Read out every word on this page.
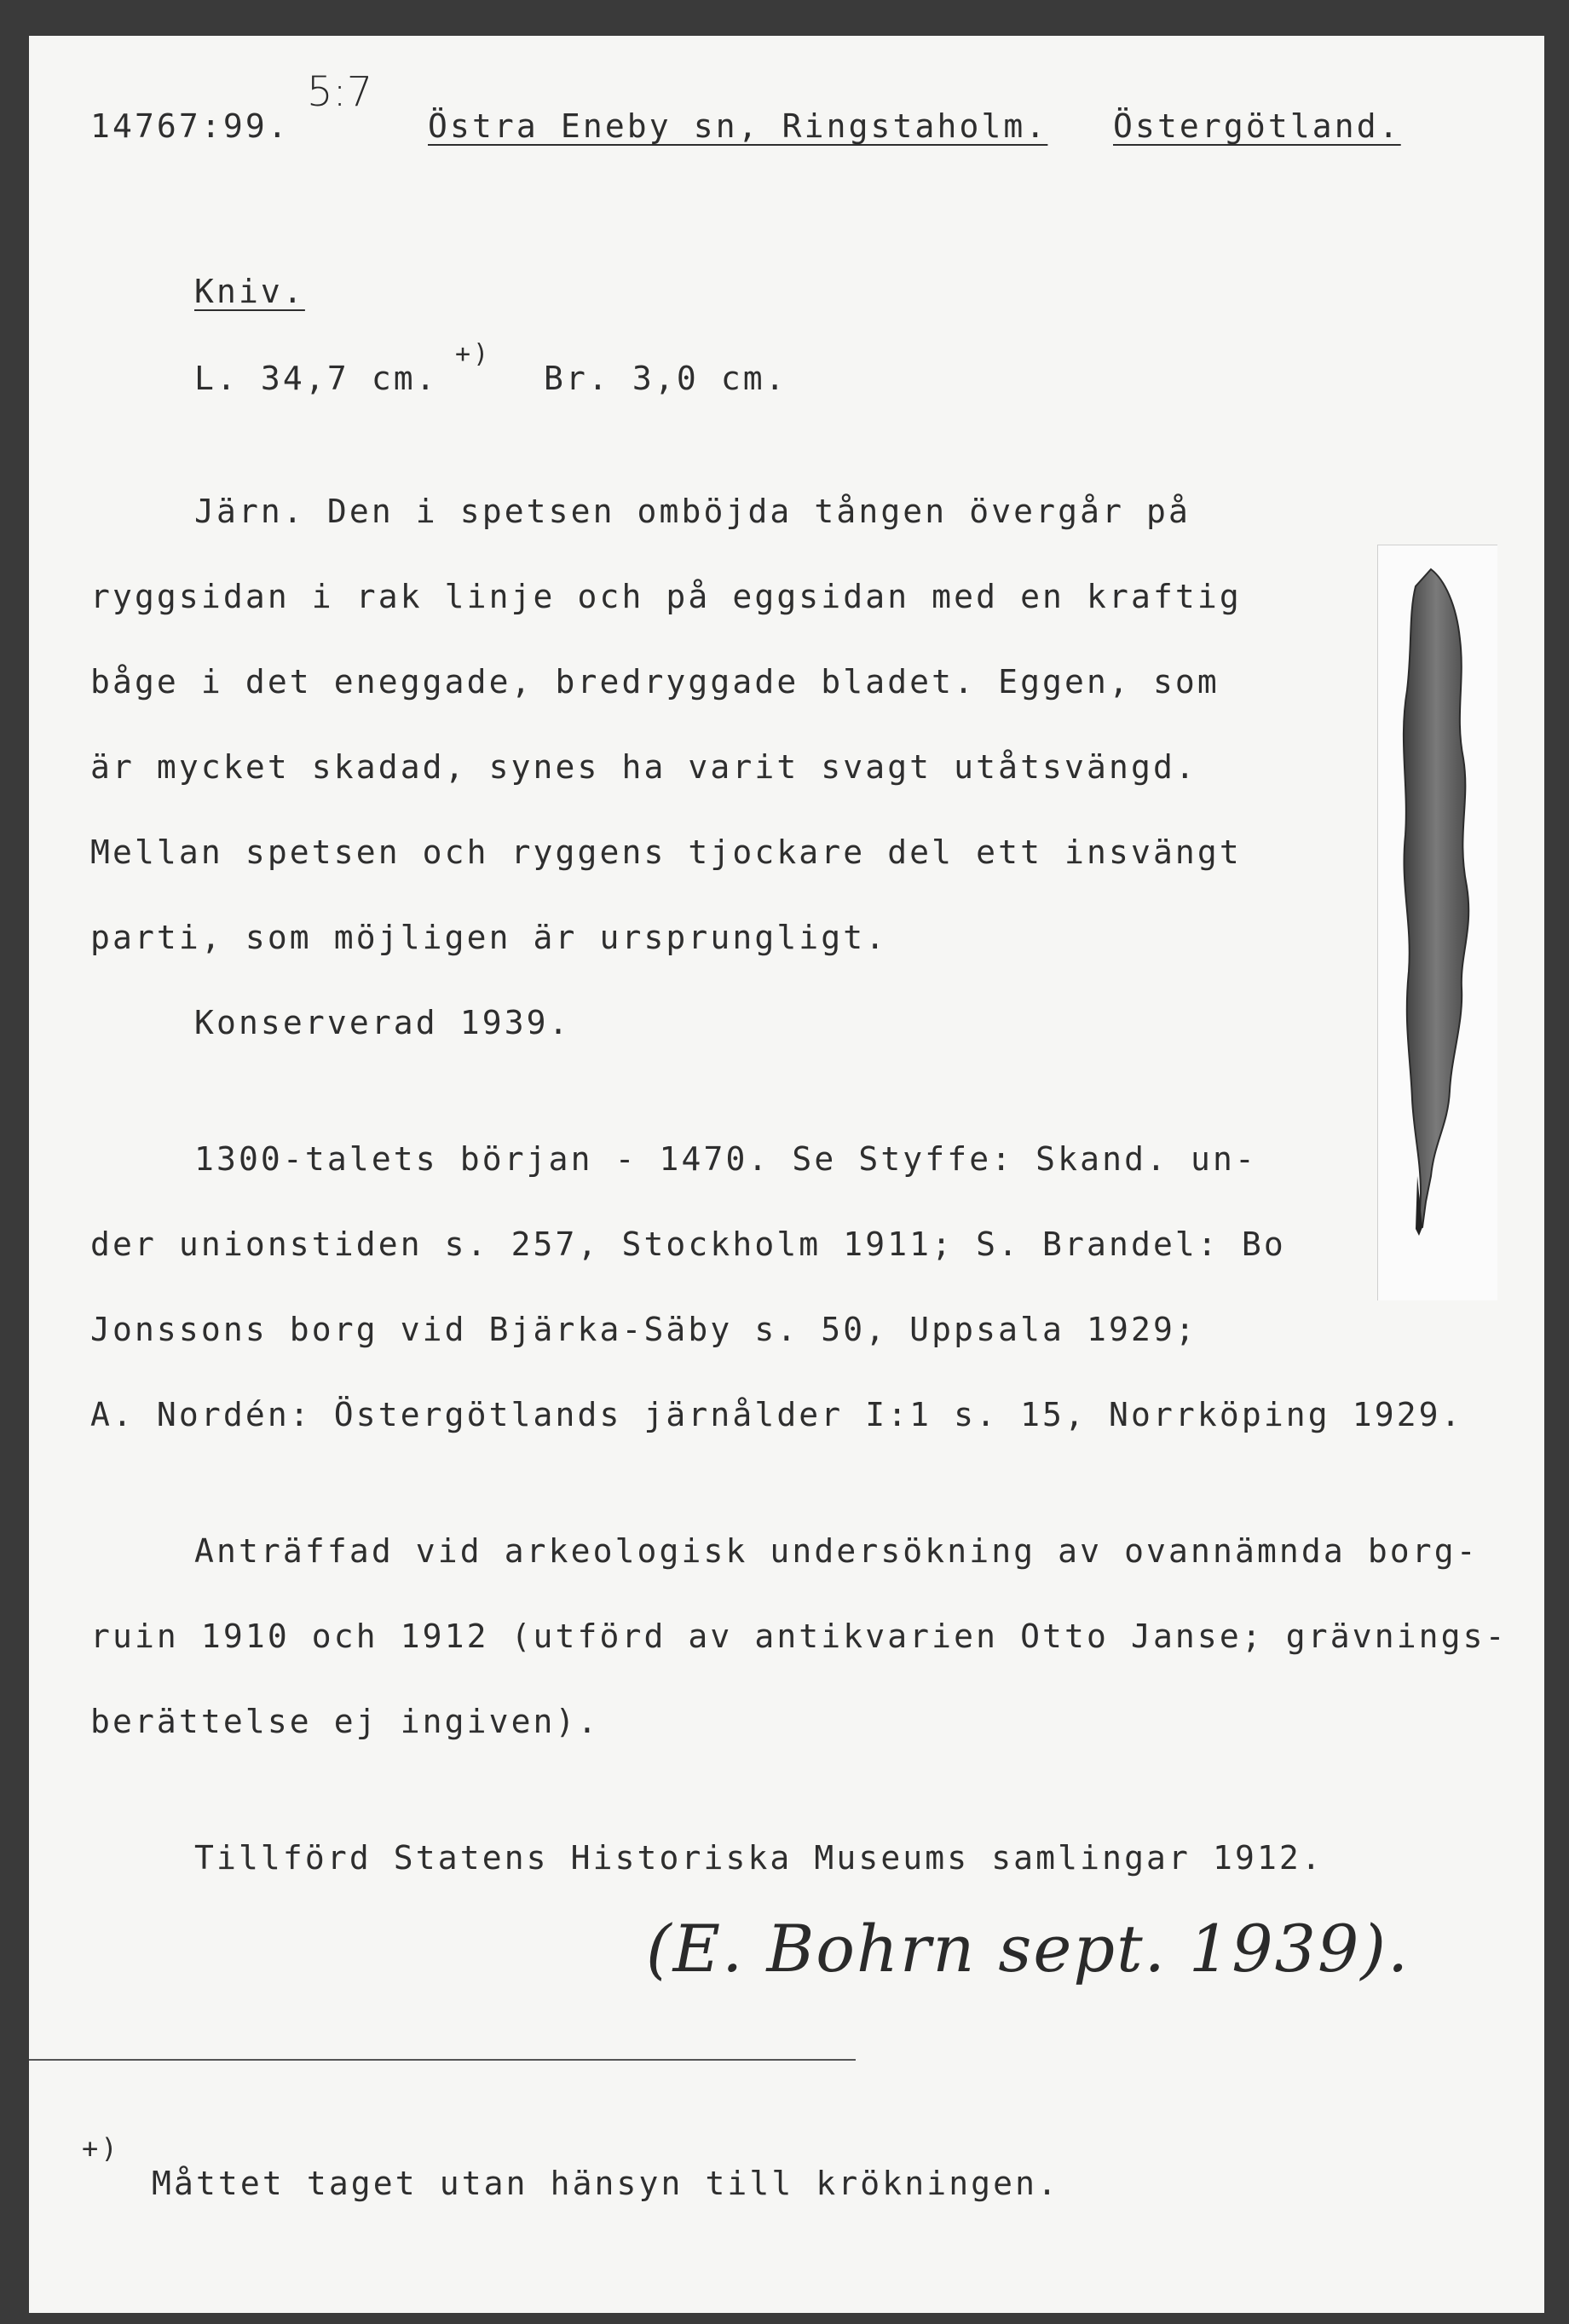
14767:99.
5:7
Östra Eneby sn, Ringstaholm. Östergötland.
Kniv.
L. 34,7 cm.
+)
Br. 3,0 cm.
Järn. Den i spetsen omböjda tången övergår på
ryggsidan i rak linje och på eggsidan med en kraftig
båge i det eneggade, bredryggade bladet. Eggen, som
är mycket skadad, synes ha varit svagt utåtsvängd.
Mellan spetsen och ryggens tjockare del ett insvängt
parti, som möjligen är ursprungligt.
Konserverad 1939.
1300-talets början - 1470. Se Styffe: Skand. un-
der unionstiden s. 257, Stockholm 1911; S. Brandel: Bo
Jonssons borg vid Bjärka-Säby s. 50, Uppsala 1929;
A. Nordén: Östergötlands järnålder I:1 s. 15, Norrköping 1929.
Anträffad vid arkeologisk undersökning av ovannämnda borg-
ruin 1910 och 1912 (utförd av antikvarien Otto Janse; grävnings-
berättelse ej ingiven).
Tillförd Statens Historiska Museums samlingar 1912.
(E. Bohrn sept. 1939).
+)
Måttet taget utan hänsyn till krökningen.
